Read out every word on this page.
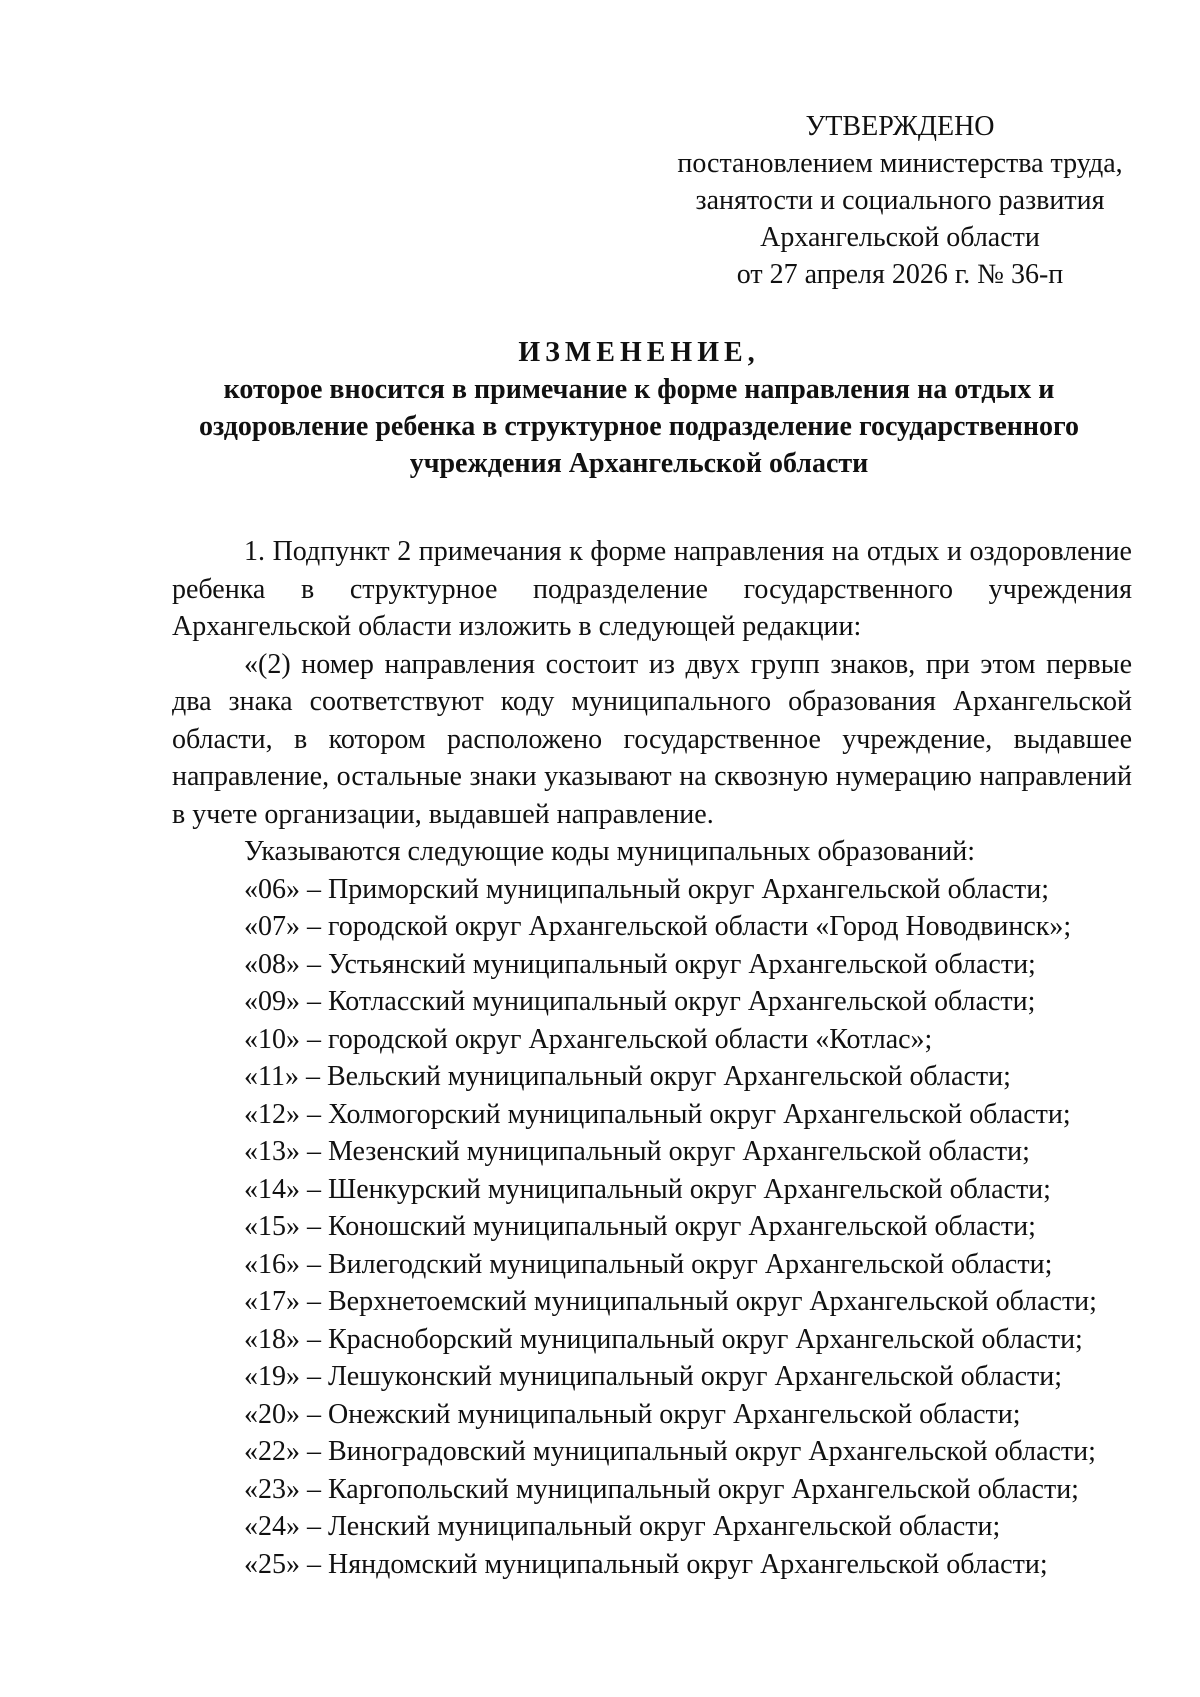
УТВЕРЖДЕНО
постановлением министерства труда,
занятости и социального развития
Архангельской области
от 27 апреля 2026 г. № 36-п
ИЗМЕНЕНИЕ,
которое вносится в примечание к форме направления на отдых и
оздоровление ребенка в структурное подразделение государственного
учреждения Архангельской области

1. Подпункт 2 примечания к форме направления на отдых и оздоровление ребенка в структурное подразделение государственного учреждения Архангельской области изложить в следующей редакции:

«(2) номер направления состоит из двух групп знаков, при этом первые два знака соответствуют коду муниципального образования Архангельской области, в котором расположено государственное учреждение, выдавшее направление, остальные знаки указывают на сквозную нумерацию направлений в учете организации, выдавшей направление.

Указываются следующие коды муниципальных образований:

«06» – Приморский муниципальный округ Архангельской области;

«07» – городской округ Архангельской области «Город Новодвинск»;

«08» – Устьянский муниципальный округ Архангельской области;

«09» – Котласский муниципальный округ Архангельской области;

«10» – городской округ Архангельской области «Котлас»;

«11» – Вельский муниципальный округ Архангельской области;

«12» – Холмогорский муниципальный округ Архангельской области;

«13» – Мезенский муниципальный округ Архангельской области;

«14» – Шенкурский муниципальный округ Архангельской области;

«15» – Коношский муниципальный округ Архангельской области;

«16» – Вилегодский муниципальный округ Архангельской области;

«17» – Верхнетоемский муниципальный округ Архангельской области;

«18» – Красноборский муниципальный округ Архангельской области;

«19» – Лешуконский муниципальный округ Архангельской области;

«20» – Онежский муниципальный округ Архангельской области;

«22» – Виноградовский муниципальный округ Архангельской области;

«23» – Каргопольский муниципальный округ Архангельской области;

«24» – Ленский муниципальный округ Архангельской области;

«25» – Няндомский муниципальный округ Архангельской области;
